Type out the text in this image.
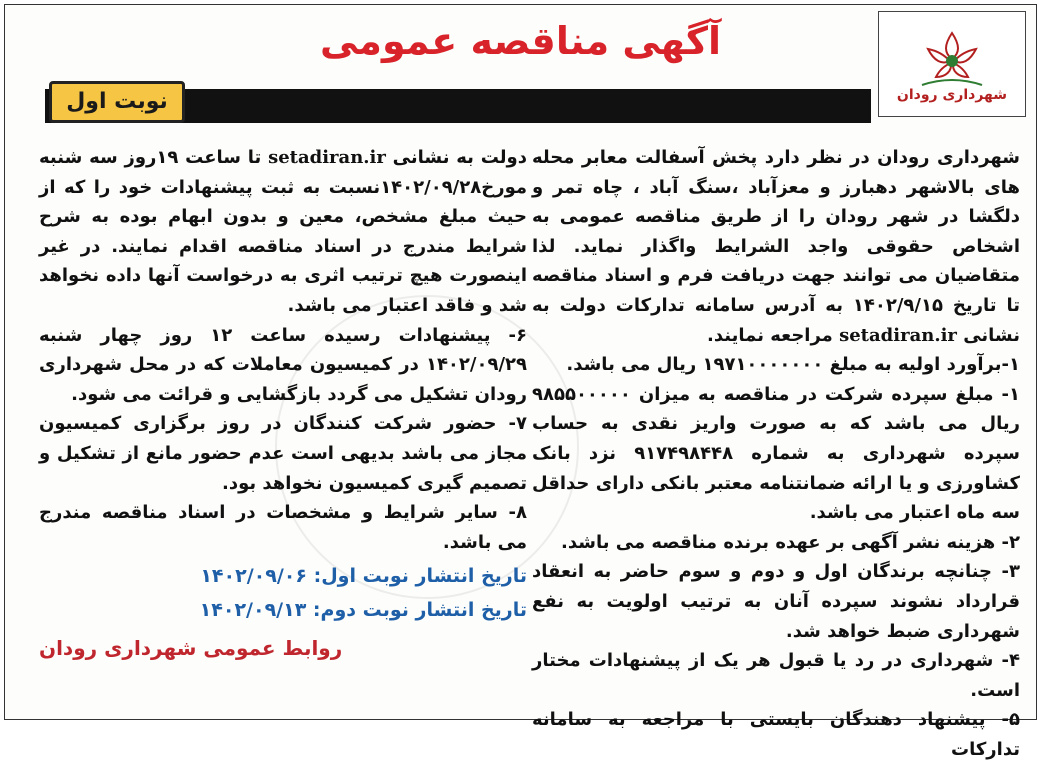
شهرداری رودان
آگهی مناقصه عمومی
نوبت اول

شهرداری رودان در نظر دارد پخش آسفالت معابر محله های بالاشهر دهبارز و معزآباد ،سنگ آباد ، چاه تمر و دلگشا در شهر رودان را از طریق مناقصه عمومی به اشخاص حقوقی واجد الشرایط واگذار نماید. لذا متقاضیان می توانند جهت دریافت فرم و اسناد مناقصه تا تاریخ ۱۴۰۲/۹/۱۵ به آدرس سامانه تدارکات دولت به نشانی setadiran.ir مراجعه نمایند.

۱-برآورد اولیه به مبلغ ۱۹۷۱۰۰۰۰۰۰۰ ریال می باشد.

۱- مبلغ سپرده شرکت در مناقصه به میزان ۹۸۵۵۰۰۰۰۰ ریال می باشد که به صورت واریز نقدی به حساب سپرده شهرداری به شماره ۹۱۷۴۹۸۴۴۸ نزد بانک کشاورزی و یا ارائه ضمانتنامه معتبر بانکی دارای حداقل سه ماه اعتبار می باشد.

۲- هزینه نشر آگهی بر عهده برنده مناقصه می باشد.

۳- چنانچه برندگان اول و دوم و سوم حاضر به انعقاد قرارداد نشوند سپرده آنان به ترتیب اولویت به نفع شهرداری ضبط خواهد شد.

۴- شهرداری در رد یا قبول هر یک از پیشنهادات مختار است.

۵- پیشنهاد دهندگان بایستی با مراجعه به سامانه تدارکات

دولت به نشانی setadiran.ir تا ساعت ۱۹روز سه شنبه مورخ۱۴۰۲/۰۹/۲۸نسبت به ثبت پیشنهادات خود را که از حیث مبلغ مشخص، معین و بدون ابهام بوده به شرح شرایط مندرج در اسناد مناقصه اقدام نمایند. در غیر اینصورت هیچ ترتیب اثری به درخواست آنها داده نخواهد شد و فاقد اعتبار می باشد.

۶- پیشنهادات رسیده ساعت ۱۲ روز چهار شنبه ۱۴۰۲/۰۹/۲۹ در کمیسیون معاملات که در محل شهرداری رودان تشکیل می گردد بازگشایی و قرائت می شود.

۷- حضور شرکت کنندگان در روز برگزاری کمیسیون مجاز می باشد بدیهی است عدم حضور مانع از تشکیل و تصمیم گیری کمیسیون نخواهد بود.

۸- سایر شرایط و مشخصات در اسناد مناقصه مندرج می باشد.

تاریخ انتشار نوبت اول: ۱۴۰۲/۰۹/۰۶
تاریخ انتشار نوبت دوم: ۱۴۰۲/۰۹/۱۳
روابط عمومی شهرداری رودان
